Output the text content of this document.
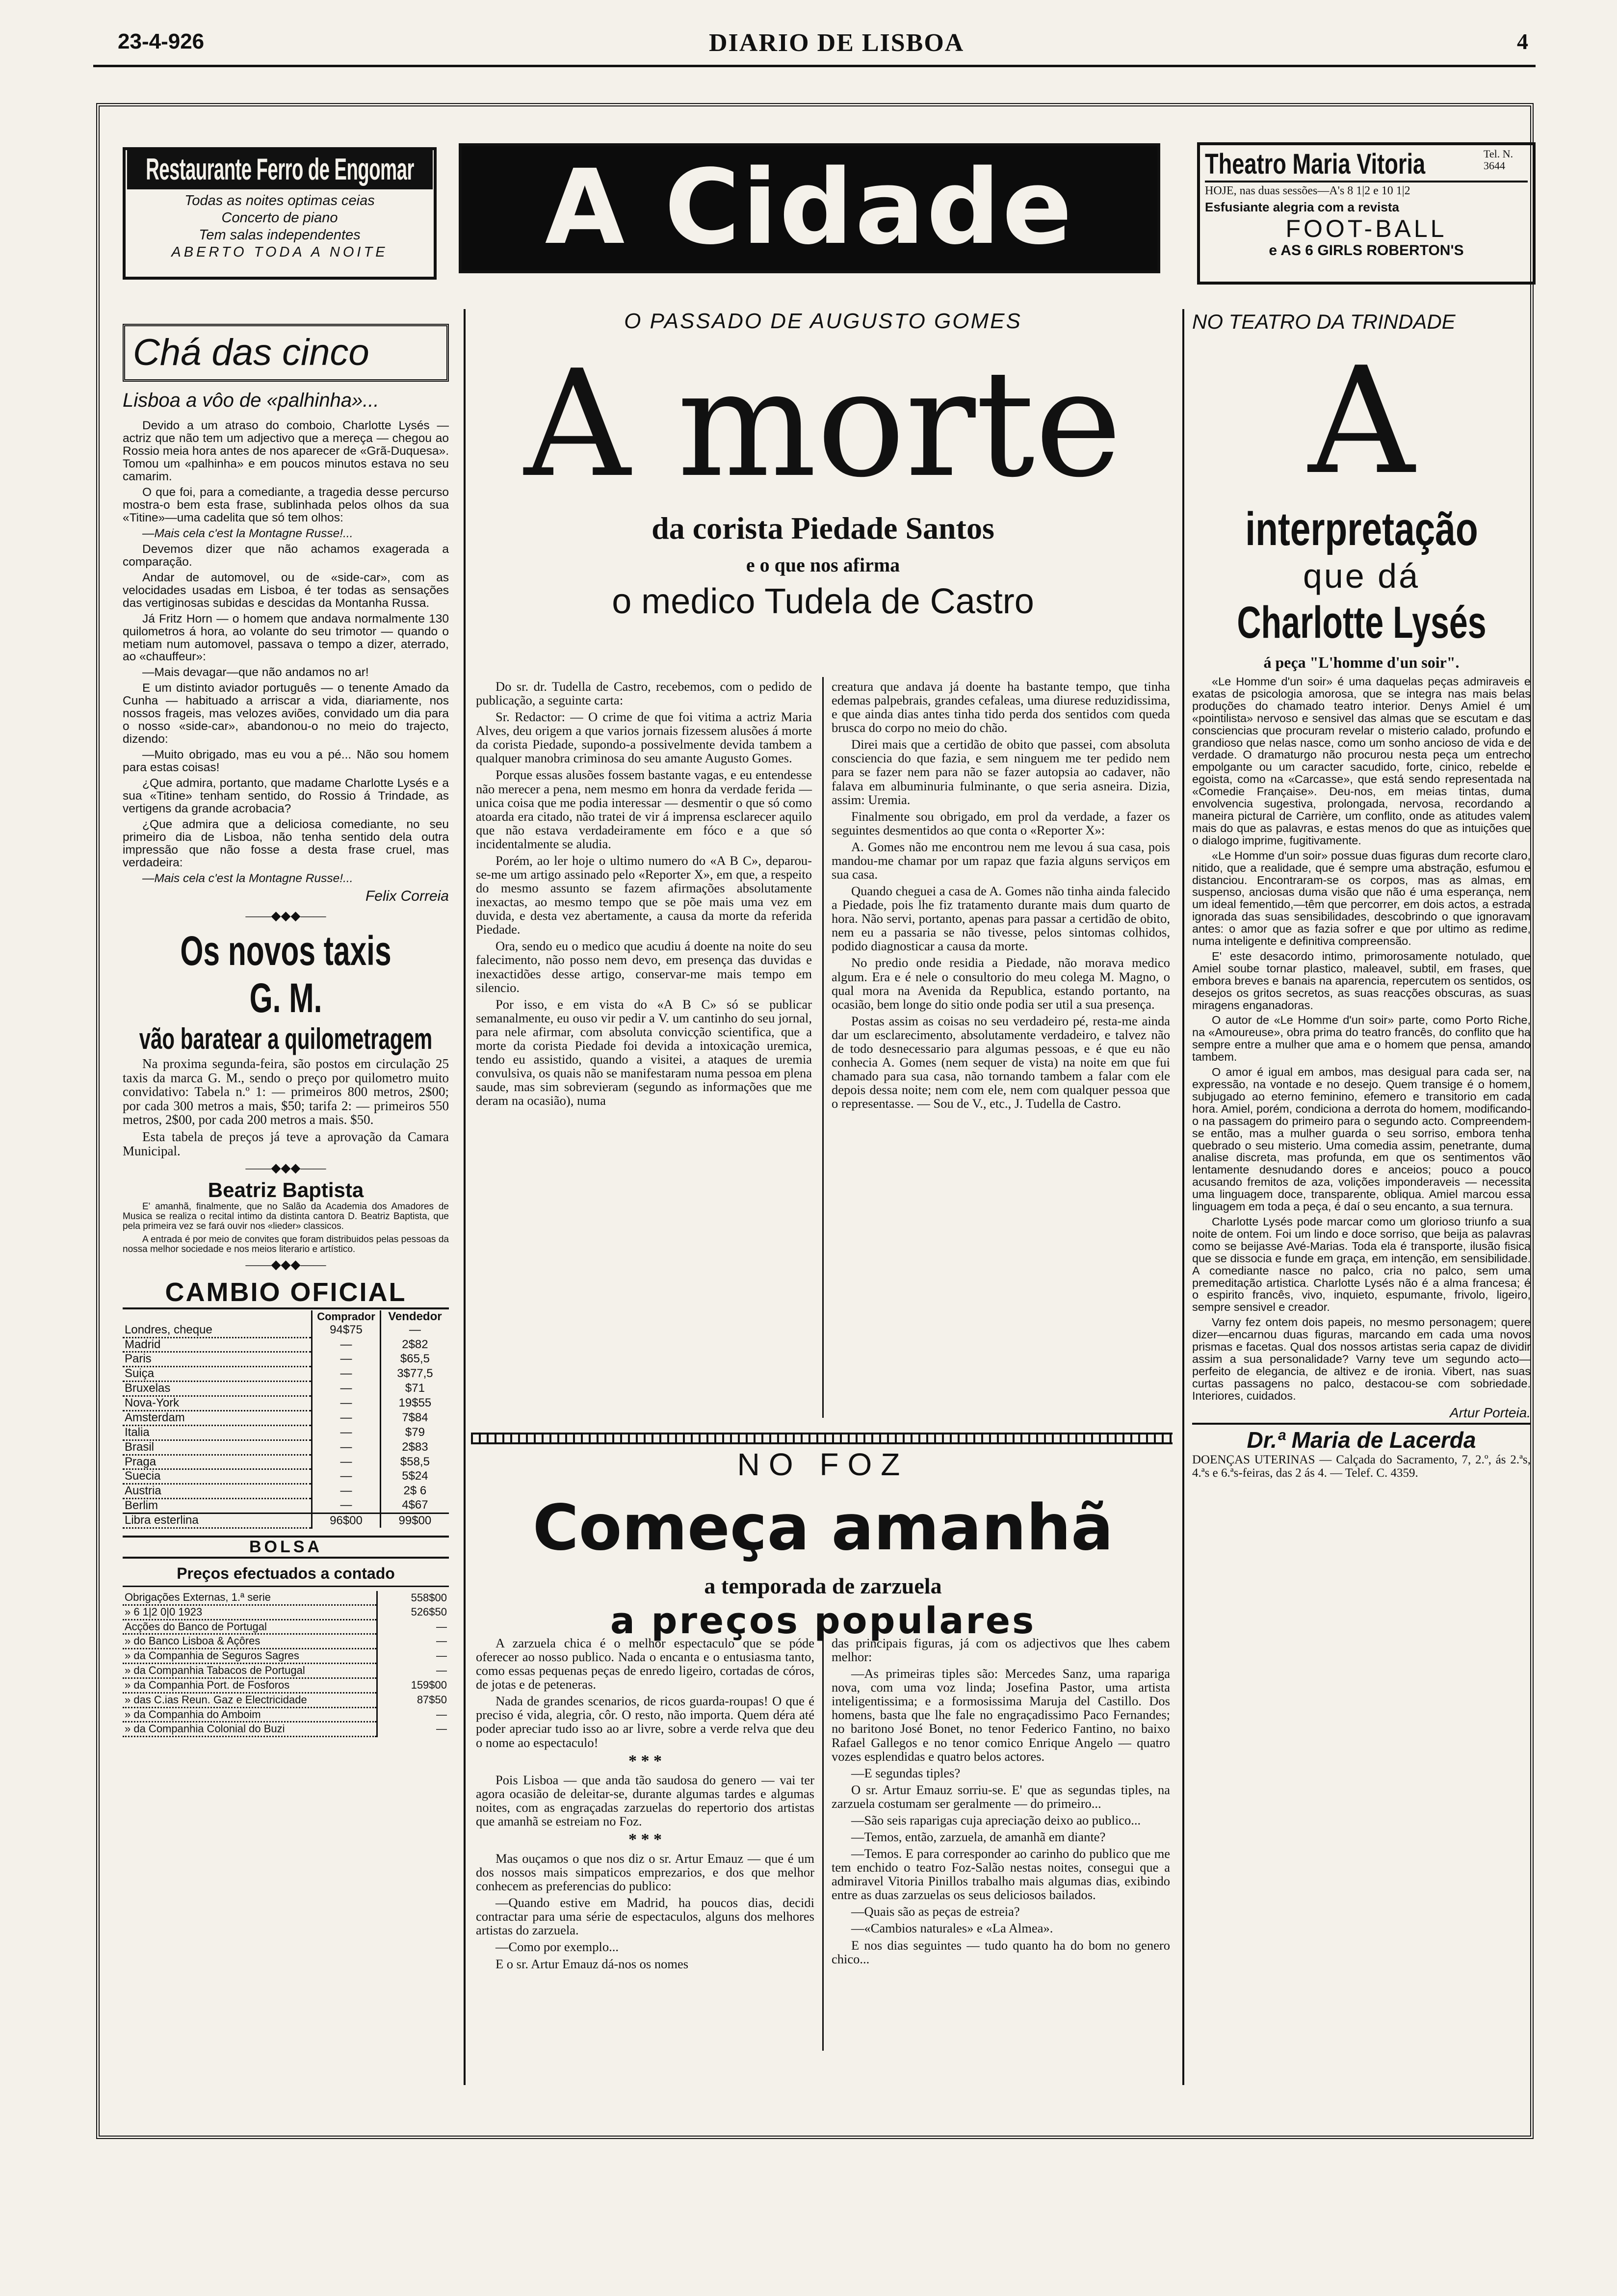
23-4-926	DIARIO DE LISBOA	4
Restaurante Ferro de Engomar
Todas as noites optimas ceias
Concerto de piano
Tem salas independentes
ABERTO TODA A NOITE	A Cidade	Theatro Maria Vitoria	Tel. N. 3644
HOJE, nas duas sessões—A's 8 1|2 e 10 1|2
Esfusiante alegria com a revista
FOOT-BALL
e AS 6 GIRLS ROBERTON'S
Chá das cinco
Lisboa a vôo de «palhinha»...

Devido a um atraso do comboio, Charlotte Lysés — actriz que não tem um adjectivo que a mereça — chegou ao Rossio meia hora antes de nos aparecer de «Grã-Duquesa». Tomou um «palhinha» e em poucos minutos estava no seu camarim.

O que foi, para a comediante, a tragedia desse percurso mostra-o bem esta frase, sublinhada pelos olhos da sua «Titine»—uma cadelita que só tem olhos:

—Mais cela c'est la Montagne Russe!...

Devemos dizer que não achamos exagerada a comparação.

Andar de automovel, ou de «side-car», com as velocidades usadas em Lisboa, é ter todas as sensações das vertiginosas subidas e descidas da Montanha Russa.

Já Fritz Horn — o homem que andava normalmente 130 quilometros á hora, ao volante do seu trimotor — quando o metiam num automovel, passava o tempo a dizer, aterrado, ao «chauffeur»:

—Mais devagar—que não andamos no ar!

E um distinto aviador português — o tenente Amado da Cunha — habituado a arriscar a vida, diariamente, nos nossos frageis, mas velozes aviões, convidado um dia para o nosso «side-car», abandonou-o no meio do trajecto, dizendo:

—Muito obrigado, mas eu vou a pé... Não sou homem para estas coisas!

¿Que admira, portanto, que madame Charlotte Lysés e a sua «Titine» tenham sentido, do Rossio á Trindade, as vertigens da grande acrobacia?

¿Que admira que a deliciosa comediante, no seu primeiro dia de Lisboa, não tenha sentido dela outra impressão que não fosse a desta frase cruel, mas verdadeira:

—Mais cela c'est la Montagne Russe!...

Felix Correia
——◆◆◆——
Os novos taxis G. M.
vão baratear a quilometragem

Na proxima segunda-feira, são postos em circulação 25 taxis da marca G. M., sendo o preço por quilometro muito convidativo: Tabela n.º 1: — primeiros 800 metros, 2$00; por cada 300 metros a mais, $50; tarifa 2: — primeiros 550 metros, 2$00, por cada 200 metros a mais. $50.

Esta tabela de preços já teve a aprovação da Camara Municipal.

——◆◆◆——
Beatriz Baptista

E' amanhã, finalmente, que no Salão da Academia dos Amadores de Musica se realiza o recital intimo da distinta cantora D. Beatriz Baptista, que pela primeira vez se fará ouvir nos «lieder» classicos.

A entrada é por meio de convites que foram distribuidos pelas pessoas da nossa melhor sociedade e nos meios literario e artístico.

——◆◆◆——
CAMBIO OFICIAL
	Comprador	Vendedor
Londres, cheque	94$75	—
Madrid	—	2$82
Paris	—	$65,5
Suiça	—	3$77,5
Bruxelas	—	$71
Nova-York	—	19$55
Amsterdam	—	7$84
Italia	—	$79
Brasil	—	2$83
Praga	—	$58,5
Suecia	—	5$24
Austria	—	2$ 6
Berlim	—	4$67
Libra esterlina	96$00	99$00
BOLSA
Preços efectuados a contado
Obrigações Externas, 1.ª serie	558$00
» 6 1|2 0|0 1923	526$50
Acções do Banco de Portugal	—
» do Banco Lisboa & Açôres	—
» da Companhia de Seguros Sagres	—
» da Companhia Tabacos de Portugal	—
» da Companhia Port. de Fosforos	159$00
» das C.ias Reun. Gaz e Electricidade	87$50
» da Companhia do Amboim	—
» da Companhia Colonial do Buzi	—
O PASSADO DE AUGUSTO GOMES
A morte
da corista Piedade Santos
e o que nos afirma
o medico Tudela de Castro

Do sr. dr. Tudella de Castro, recebemos, com o pedido de publicação, a seguinte carta:

Sr. Redactor: — O crime de que foi vitima a actriz Maria Alves, deu origem a que varios jornais fizessem alusões á morte da corista Piedade, supondo-a possivelmente devida tambem a qualquer manobra criminosa do seu amante Augusto Gomes.

Porque essas alusões fossem bastante vagas, e eu entendesse não merecer a pena, nem mesmo em honra da verdade ferida — unica coisa que me podia interessar — desmentir o que só como atoarda era citado, não tratei de vir á imprensa esclarecer aquilo que não estava verdadeiramente em fóco e a que só incidentalmente se aludia.

Porém, ao ler hoje o ultimo numero do «A B C», deparou-se-me um artigo assinado pelo «Reporter X», em que, a respeito do mesmo assunto se fazem afirmações absolutamente inexactas, ao mesmo tempo que se põe mais uma vez em duvida, e desta vez abertamente, a causa da morte da referida Piedade.

Ora, sendo eu o medico que acudiu á doente na noite do seu falecimento, não posso nem devo, em presença das duvidas e inexactidões desse artigo, conservar-me mais tempo em silencio.

Por isso, e em vista do «A B C» só se publicar semanalmente, eu ouso vir pedir a V. um cantinho do seu jornal, para nele afirmar, com absoluta convicção scientifica, que a morte da corista Piedade foi devida a intoxicação uremica, tendo eu assistido, quando a visitei, a ataques de uremia convulsiva, os quais não se manifestaram numa pessoa em plena saude, mas sim sobrevieram (segundo as informações que me deram na ocasião), numa

creatura que andava já doente ha bastante tempo, que tinha edemas palpebrais, grandes cefaleas, uma diurese reduzidissima, e que ainda dias antes tinha tido perda dos sentidos com queda brusca do corpo no meio do chão.

Direi mais que a certidão de obito que passei, com absoluta consciencia do que fazia, e sem ninguem me ter pedido nem para se fazer nem para não se fazer autopsia ao cadaver, não falava em albuminuria fulminante, o que seria asneira. Dizia, assim: Uremia.

Finalmente sou obrigado, em prol da verdade, a fazer os seguintes desmentidos ao que conta o «Reporter X»:

A. Gomes não me encontrou nem me levou á sua casa, pois mandou-me chamar por um rapaz que fazia alguns serviços em sua casa.

Quando cheguei a casa de A. Gomes não tinha ainda falecido a Piedade, pois lhe fiz tratamento durante mais dum quarto de hora. Não servi, portanto, apenas para passar a certidão de obito, nem eu a passaria se não tivesse, pelos sintomas colhidos, podido diagnosticar a causa da morte.

No predio onde residia a Piedade, não morava medico algum. Era e é nele o consultorio do meu colega M. Magno, o qual mora na Avenida da Republica, estando portanto, na ocasião, bem longe do sitio onde podia ser util a sua presença.

Postas assim as coisas no seu verdadeiro pé, resta-me ainda dar um esclarecimento, absolutamente verdadeiro, e talvez não de todo desnecessario para algumas pessoas, e é que eu não conhecia A. Gomes (nem sequer de vista) na noite em que fui chamado para sua casa, não tornando tambem a falar com ele depois dessa noite; nem com ele, nem com qualquer pessoa que o representasse. — Sou de V., etc., J. Tudella de Castro.

NO FOZ
Começa amanhã
a temporada de zarzuela
a preços populares

A zarzuela chica é o melhor espectaculo que se póde oferecer ao nosso publico. Nada o encanta e o entusiasma tanto, como essas pequenas peças de enredo ligeiro, cortadas de córos, de jotas e de peteneras.

Nada de grandes scenarios, de ricos guarda-roupas! O que é preciso é vida, alegria, côr. O resto, não importa. Quem déra até poder apreciar tudo isso ao ar livre, sobre a verde relva que deu o nome ao espectaculo!

* * *

Pois Lisboa — que anda tão saudosa do genero — vai ter agora ocasião de deleitar-se, durante algumas tardes e algumas noites, com as engraçadas zarzuelas do repertorio dos artistas que amanhã se estreiam no Foz.

* * *

Mas ouçamos o que nos diz o sr. Artur Emauz — que é um dos nossos mais simpaticos emprezarios, e dos que melhor conhecem as preferencias do publico:

—Quando estive em Madrid, ha poucos dias, decidi contractar para uma série de espectaculos, alguns dos melhores artistas do zarzuela.

—Como por exemplo...

E o sr. Artur Emauz dá-nos os nomes

das principais figuras, já com os adjectivos que lhes cabem melhor:

—As primeiras tiples são: Mercedes Sanz, uma rapariga nova, com uma voz linda; Josefina Pastor, uma artista inteligentissima; e a formosissima Maruja del Castillo. Dos homens, basta que lhe fale no engraçadissimo Paco Fernandes; no baritono José Bonet, no tenor Federico Fantino, no baixo Rafael Gallegos e no tenor comico Enrique Angelo — quatro vozes esplendidas e quatro belos actores.

—E segundas tiples?

O sr. Artur Emauz sorriu-se. E' que as segundas tiples, na zarzuela costumam ser geralmente — do primeiro...

—São seis raparigas cuja apreciação deixo ao publico...

—Temos, então, zarzuela, de amanhã em diante?

—Temos. E para corresponder ao carinho do publico que me tem enchido o teatro Foz-Salão nestas noites, consegui que a admiravel Vitoria Pinillos trabalho mais algumas dias, exibindo entre as duas zarzuelas os seus deliciosos bailados.

—Quais são as peças de estreia?

—«Cambios naturales» e «La Almea».

E nos dias seguintes — tudo quanto ha do bom no genero chico...

NO TEATRO DA TRINDADE
A
interpretação
que dá
Charlotte Lysés
á peça "L'homme d'un soir".

«Le Homme d'un soir» é uma daquelas peças admiraveis e exatas de psicologia amorosa, que se integra nas mais belas produções do chamado teatro interior. Denys Amiel é um «pointilista» nervoso e sensivel das almas que se escutam e das consciencias que procuram revelar o misterio calado, profundo e grandioso que nelas nasce, como um sonho ancioso de vida e de verdade. O dramaturgo não procurou nesta peça um entrecho empolgante ou um caracter sacudido, forte, cinico, rebelde e egoista, como na «Carcasse», que está sendo representada na «Comedie Française». Deu-nos, em meias tintas, duma envolvencia sugestiva, prolongada, nervosa, recordando a maneira pictural de Carrière, um conflito, onde as atitudes valem mais do que as palavras, e estas menos do que as intuições que o dialogo imprime, fugitivamente.

«Le Homme d'un soir» possue duas figuras dum recorte claro, nitido, que a realidade, que é sempre uma abstração, esfumou e distanciou. Encontraram-se os corpos, mas as almas, em suspenso, anciosas duma visão que não é uma esperança, nem um ideal fementido,—têm que percorrer, em dois actos, a estrada ignorada das suas sensibilidades, descobrindo o que ignoravam antes: o amor que as fazia sofrer e que por ultimo as redime, numa inteligente e definitiva compreensão.

E' este desacordo intimo, primorosamente notulado, que Amiel soube tornar plastico, maleavel, subtil, em frases, que embora breves e banais na aparencia, repercutem os sentidos, os desejos os gritos secretos, as suas reacções obscuras, as suas miragens enganadoras.

O autor de «Le Homme d'un soir» parte, como Porto Riche, na «Amoureuse», obra prima do teatro francês, do conflito que ha sempre entre a mulher que ama e o homem que pensa, amando tambem.

O amor é igual em ambos, mas desigual para cada ser, na expressão, na vontade e no desejo. Quem transige é o homem, subjugado ao eterno feminino, efemero e transitorio em cada hora. Amiel, porém, condiciona a derrota do homem, modificando-o na passagem do primeiro para o segundo acto. Compreendem-se então, mas a mulher guarda o seu sorriso, embora tenha quebrado o seu misterio. Uma comedia assim, penetrante, duma analise discreta, mas profunda, em que os sentimentos vão lentamente desnudando dores e anceios; pouco a pouco acusando fremitos de aza, volições imponderaveis — necessita uma linguagem doce, transparente, obliqua. Amiel marcou essa linguagem em toda a peça, é daí o seu encanto, a sua ternura.

Charlotte Lysés pode marcar como um glorioso triunfo a sua noite de ontem. Foi um lindo e doce sorriso, que beija as palavras como se beijasse Avé-Marias. Toda ela é transporte, ilusão fisica que se dissocia e funde em graça, em intenção, em sensibilidade. A comediante nasce no palco, cria no palco, sem uma premeditação artistica. Charlotte Lysés não é a alma francesa; é o espirito francês, vivo, inquieto, espumante, frivolo, ligeiro, sempre sensivel e creador.

Varny fez ontem dois papeis, no mesmo personagem; quere dizer—encarnou duas figuras, marcando em cada uma novos prismas e facetas. Qual dos nossos artistas seria capaz de dividir assim a sua personalidade? Varny teve um segundo acto—perfeito de elegancia, de altivez e de ironia. Vibert, nas suas curtas passagens no palco, destacou-se com sobriedade. Interiores, cuidados.

Artur Porteia.
Dr.ª Maria de Lacerda
DOENÇAS UTERINAS — Calçada do Sacramento, 7, 2.º, ás 2.ªs, 4.ªs e 6.ªs-feiras, das 2 ás 4. — Telef. C. 4359.
